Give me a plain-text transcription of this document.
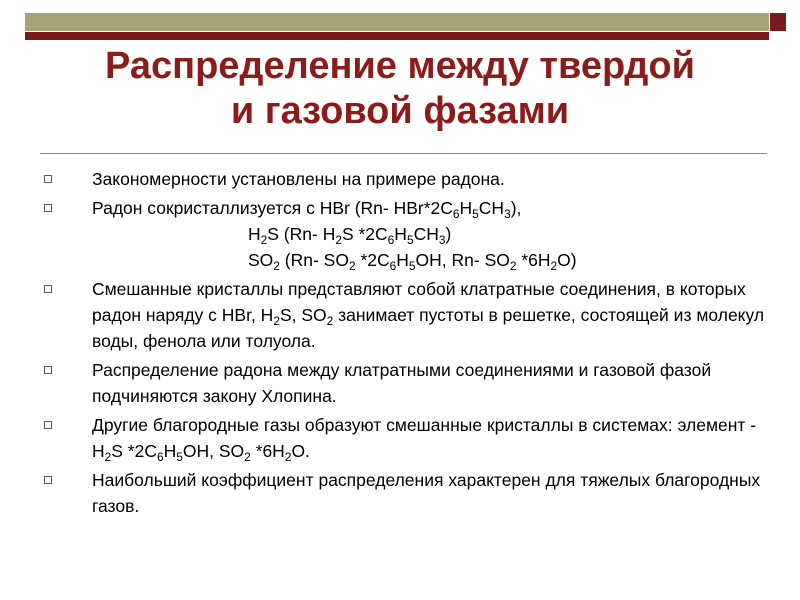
Распределение между твердой
и газовой фазами
Закономерности установлены на примере радона.
Радон сокристаллизуется с HBr (Rn- $HBr*2C_6H_5CH_3$),
$H_2S$ (Rn- $H_2S$ $*2C_6H_5CH_3$)
$SO_2$ (Rn- $SO_2$ $*2C_6H_5OH$, Rn- $SO_2$ $*6H_2O$)
Смешанные кристаллы представляют собой клатратные соединения, в которых радон наряду с HBr, $H_2S$, $SO_2$ занимает пустоты в решетке, состоящей из молекул воды, фенола или толуола.
Распределение радона между клатратными соединениями и газовой фазой подчиняются закону Хлопина.
Другие благородные газы образуют смешанные кристаллы в системах: элемент - $H_2S$ $*2C_6H_5OH$, $SO_2$ $*6H_2O$.
Наибольший коэффициент распределения характерен для тяжелых благородных газов.
